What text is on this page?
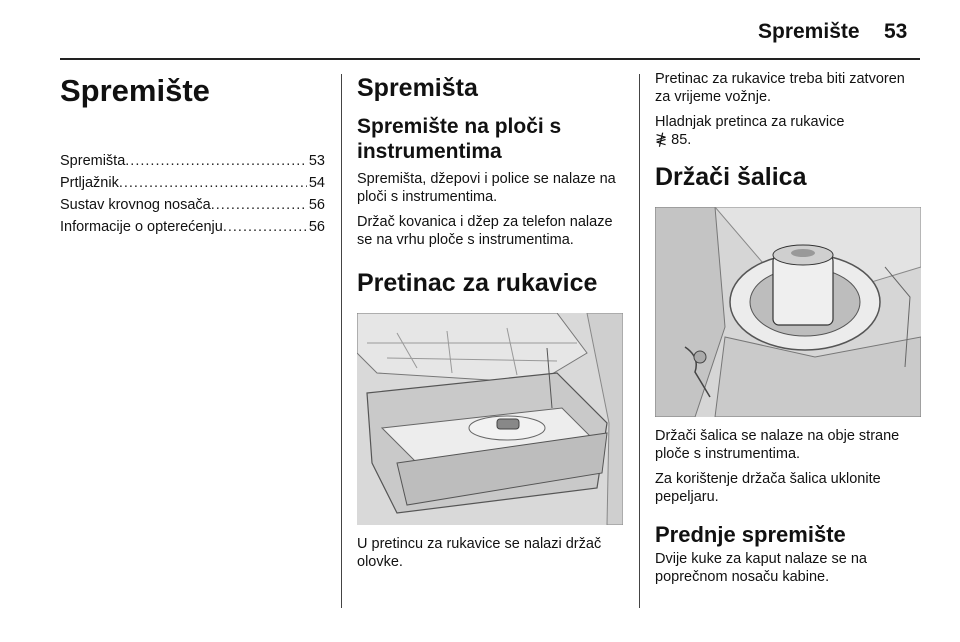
Spremište 53
Spremište
Spremišta .....	53
Prtljažnik .....	54
Sustav krovnog nosača .....	56
Informacije o opterećenju .....	56
Spremišta
Spremište na ploči s instrumentima

Spremišta, džepovi i police se nalaze na ploči s instrumentima.

Držač kovanica i džep za telefon nalaze se na vrhu ploče s instrumentima.

Pretinac za rukavice

U pretincu za rukavice se nalazi držač olovke.

Pretinac za rukavice treba biti zatvoren za vrijeme vožnje.

Hladnjak pretinca za rukavice
≹ 85.

Držači šalica

Držači šalica se nalaze na obje strane ploče s instrumentima.

Za korištenje držača šalica uklonite pepeljaru.

Prednje spremište

Dvije kuke za kaput nalaze se na poprečnom nosaču kabine.
